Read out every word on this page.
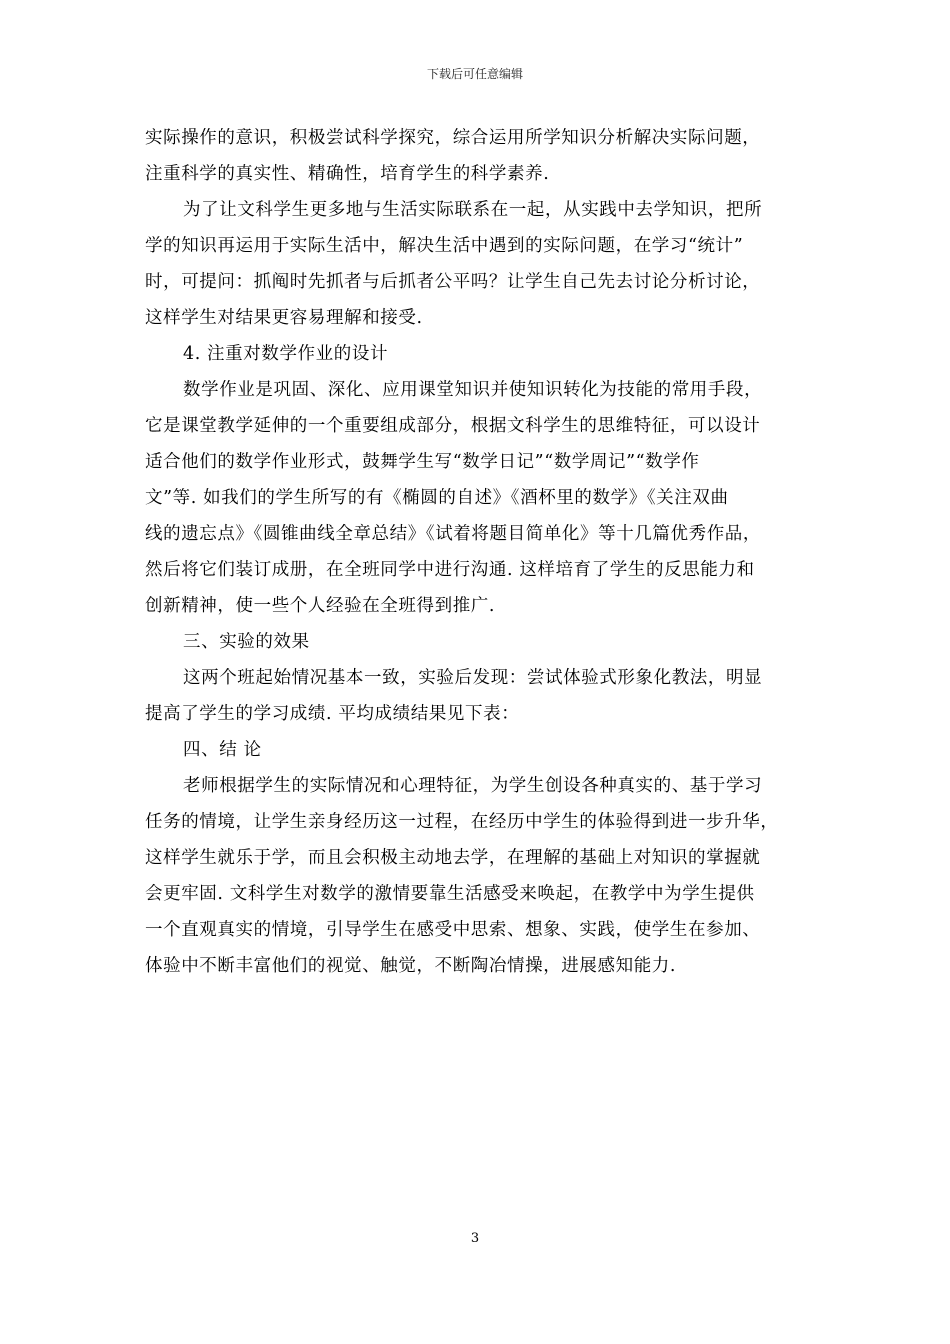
下载后可任意编辑
实际操作的意识，积极尝试科学探究，综合运用所学知识分析解决实际问题，
注重科学的真实性、精确性，培育学生的科学素养.
为了让文科学生更多地与生活实际联系在一起，从实践中去学知识，把所
学的知识再运用于实际生活中，解决生活中遇到的实际问题，在学习“统计”
时，可提问：抓阄时先抓者与后抓者公平吗？让学生自己先去讨论分析讨论，
这样学生对结果更容易理解和接受.
4. 注重对数学作业的设计
数学作业是巩固、深化、应用课堂知识并使知识转化为技能的常用手段，
它是课堂教学延伸的一个重要组成部分，根据文科学生的思维特征，可以设计
适合他们的数学作业形式，鼓舞学生写“数学日记”“数学周记”“数学作
文”等. 如我们的学生所写的有《椭圆的自述》《酒杯里的数学》《关注双曲
线的遗忘点》《圆锥曲线全章总结》《试着将题目简单化》等十几篇优秀作品，
然后将它们装订成册，在全班同学中进行沟通. 这样培育了学生的反思能力和
创新精神，使一些个人经验在全班得到推广.
三、实验的效果
这两个班起始情况基本一致，实验后发现：尝试体验式形象化教法，明显
提高了学生的学习成绩. 平均成绩结果见下表：
四、结 论
老师根据学生的实际情况和心理特征，为学生创设各种真实的、基于学习
任务的情境，让学生亲身经历这一过程，在经历中学生的体验得到进一步升华，
这样学生就乐于学，而且会积极主动地去学，在理解的基础上对知识的掌握就
会更牢固. 文科学生对数学的激情要靠生活感受来唤起，在教学中为学生提供
一个直观真实的情境，引导学生在感受中思索、想象、实践，使学生在参加、
体验中不断丰富他们的视觉、触觉，不断陶冶情操，进展感知能力.
3
